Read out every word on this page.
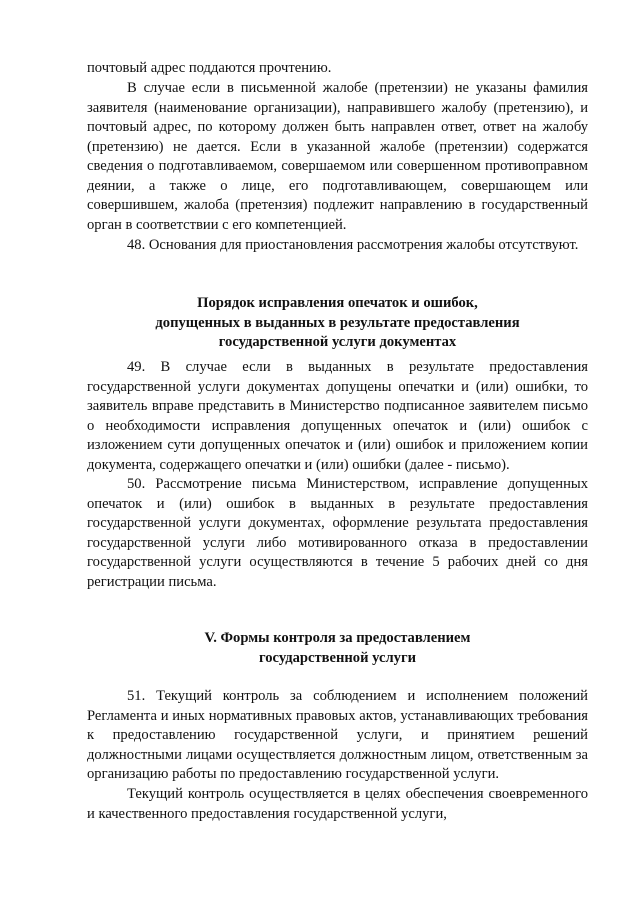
почтовый адрес поддаются прочтению.

В случае если в письменной жалобе (претензии) не указаны фамилия заявителя (наименование организации), направившего жалобу (претензию), и почтовый адрес, по которому должен быть направлен ответ, ответ на жалобу (претензию) не дается. Если в указанной жалобе (претензии) содержатся сведения о подготавливаемом, совершаемом или совершенном противоправном деянии, а также о лице, его подготавливающем, совершающем или совершившем, жалоба (претензия) подлежит направлению в государственный орган в соответствии с его компетенцией.

48. Основания для приостановления рассмотрения жалобы отсутствуют.

Порядок исправления опечаток и ошибок,
допущенных в выданных в результате предоставления
государственной услуги документах

49. В случае если в выданных в результате предоставления государственной услуги документах допущены опечатки и (или) ошибки, то заявитель вправе представить в Министерство подписанное заявителем письмо о необходимости исправления допущенных опечаток и (или) ошибок с изложением сути допущенных опечаток и (или) ошибок и приложением копии документа, содержащего опечатки и (или) ошибки (далее - письмо).

50. Рассмотрение письма Министерством, исправление допущенных опечаток и (или) ошибок в выданных в результате предоставления государственной услуги документах, оформление результата предоставления государственной услуги либо мотивированного отказа в предоставлении государственной услуги осуществляются в течение 5 рабочих дней со дня регистрации письма.

V. Формы контроля за предоставлением
государственной услуги

51. Текущий контроль за соблюдением и исполнением положений Регламента и иных нормативных правовых актов, устанавливающих требования к предоставлению государственной услуги, и принятием решений должностными лицами осуществляется должностным лицом, ответственным за организацию работы по предоставлению государственной услуги.

Текущий контроль осуществляется в целях обеспечения своевременного и качественного предоставления государственной услуги,
